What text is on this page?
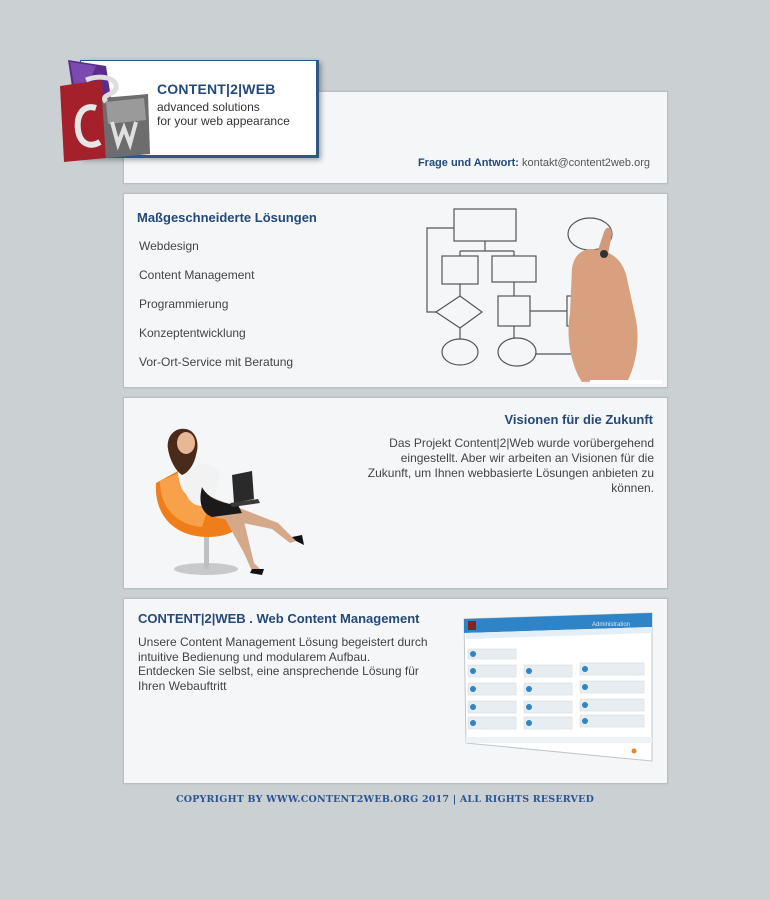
Frage und Antwort: kontakt@content2web.org
CONTENT|2|WEB
advanced solutions
for your web appearance
CW
Maßgeschneiderte Lösungen
Webdesign
Content Management
Programmierung
Konzeptentwicklung
Vor-Ort-Service mit Beratung
Visionen für die Zukunft
Das Projekt Content|2|Web wurde vorübergehend eingestellt. Aber wir arbeiten an Visionen für die Zukunft, um Ihnen webbasierte Lösungen anbieten zu können.
CONTENT|2|WEB . Web Content Management

Unsere Content Management Lösung begeistert durch intuitive Bedienung und modularem Aufbau.

Entdecken Sie selbst, eine ansprechende Lösung für Ihren Webauftritt

Administration
COPYRIGHT BY WWW.CONTENT2WEB.ORG 2017 | ALL RIGHTS RESERVED
